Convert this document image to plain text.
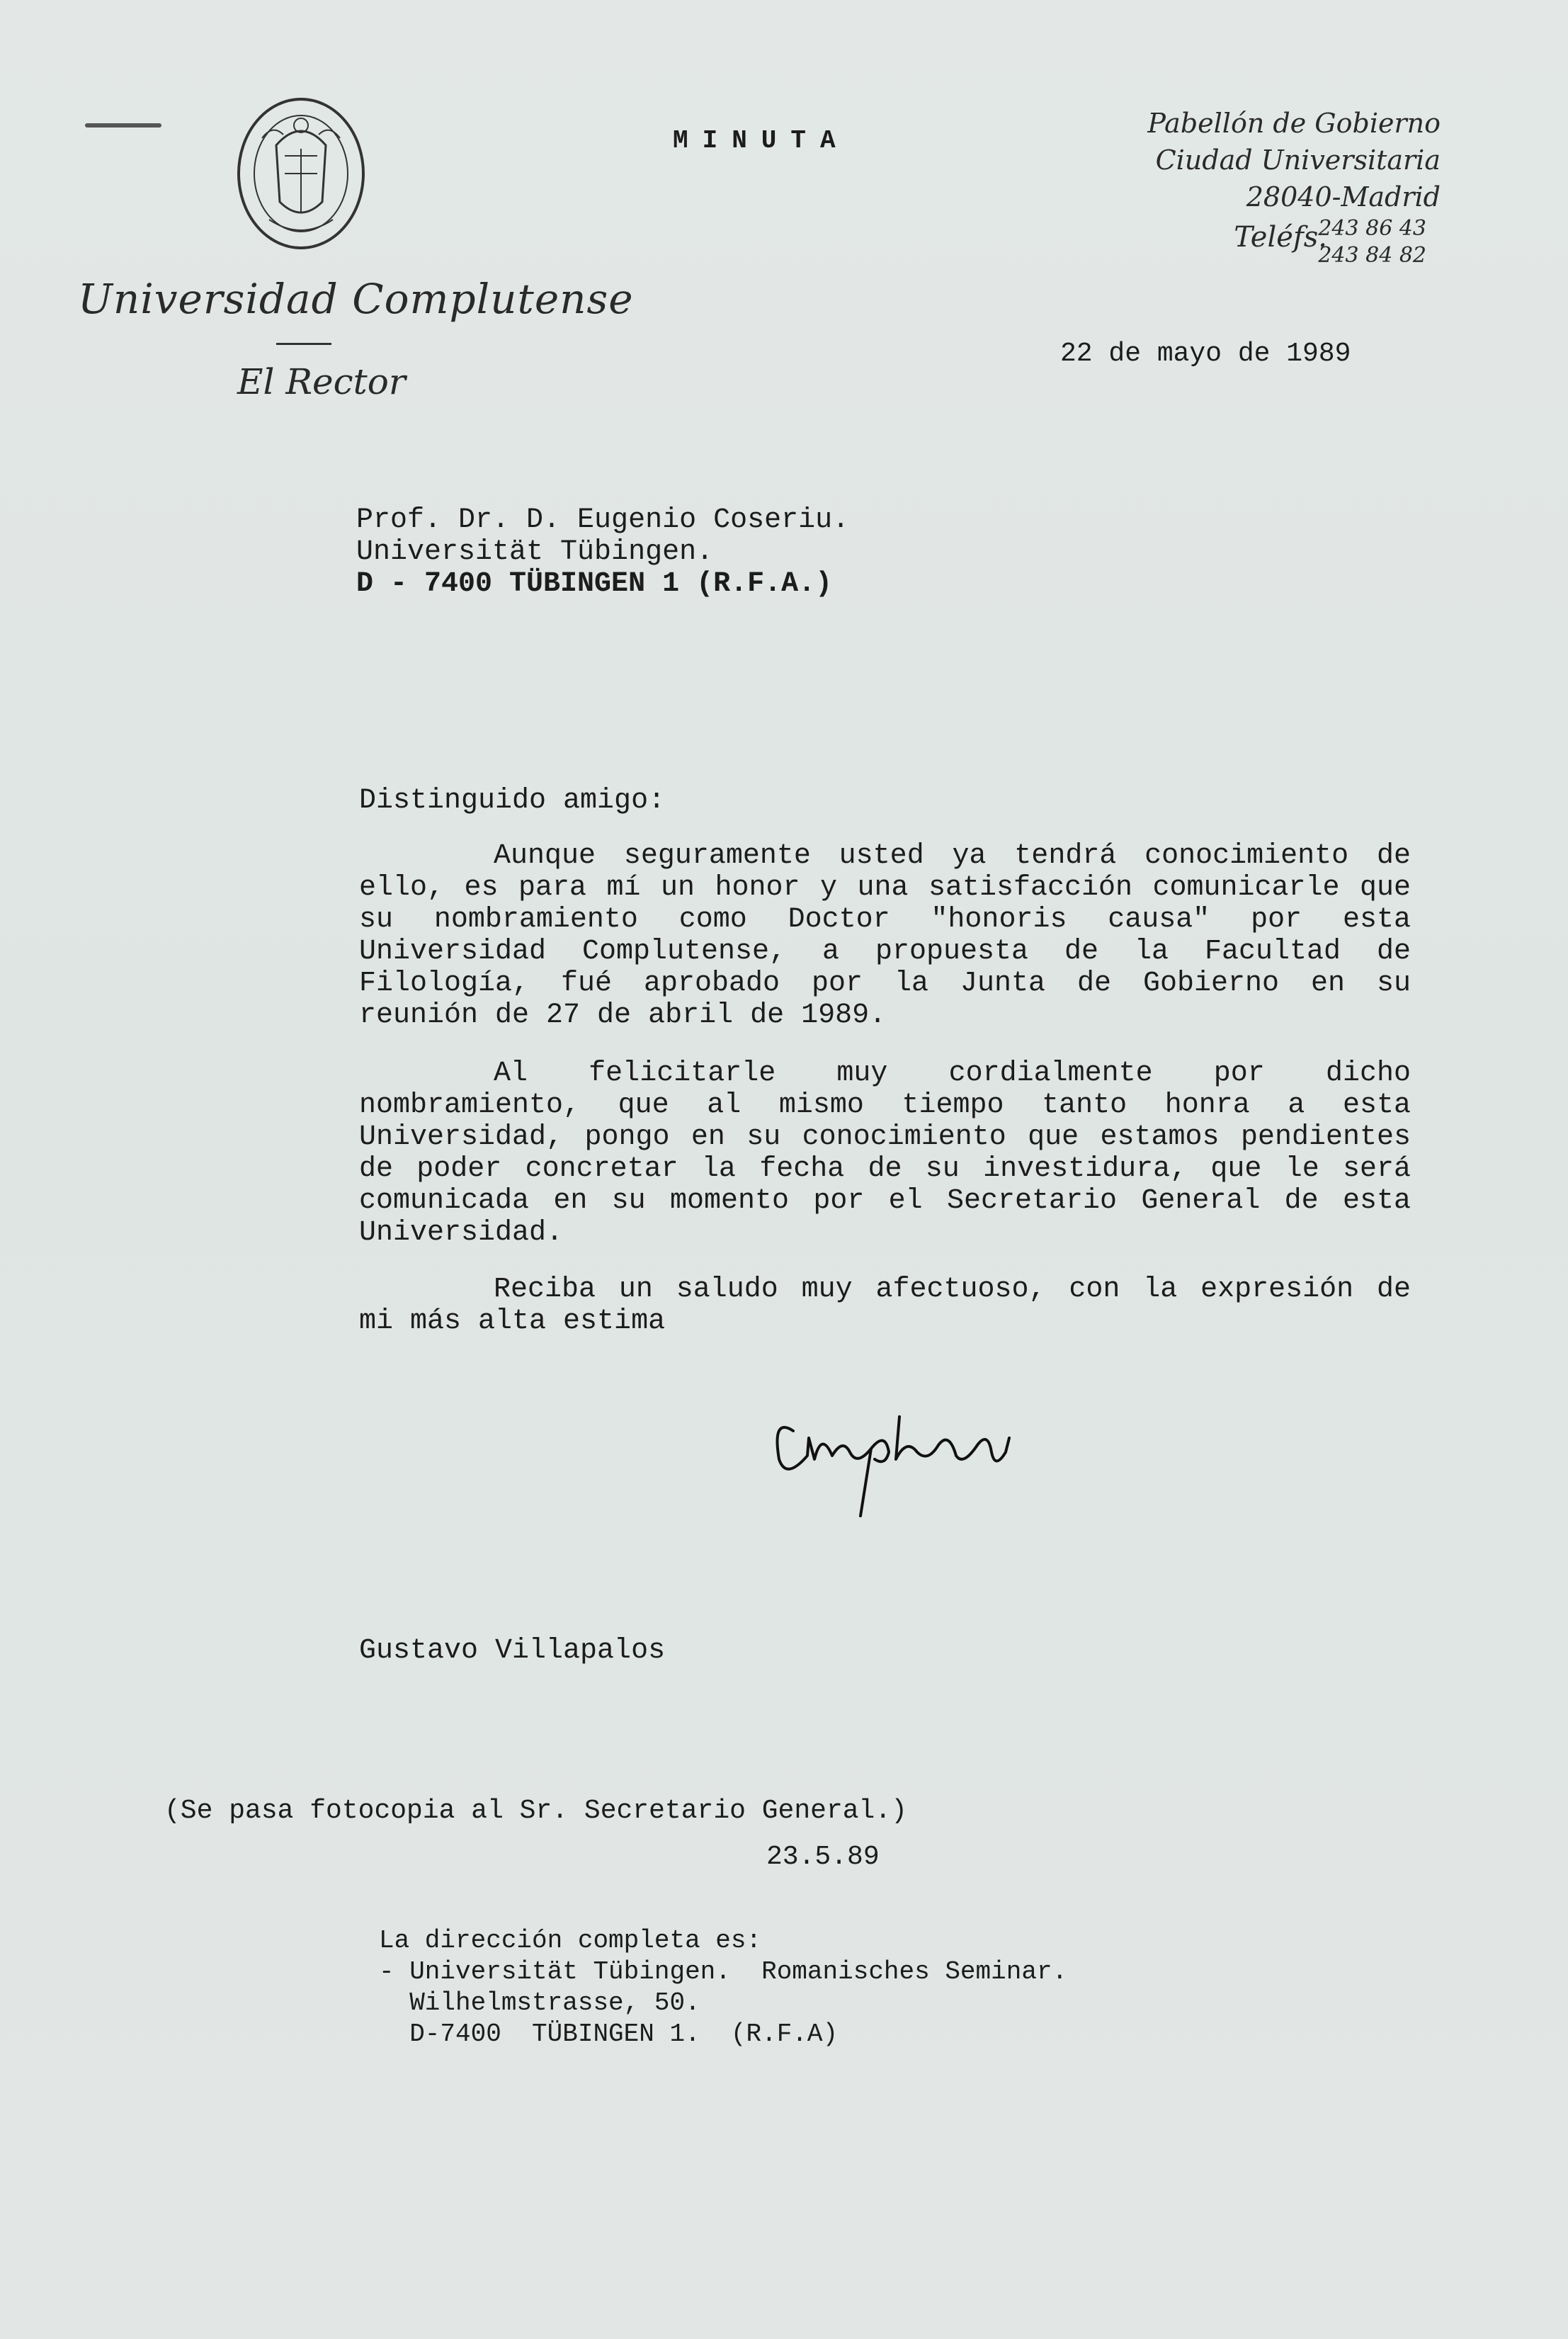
Universidad Complutense
El Rector
MINUTA
Pabellón de Gobierno
Ciudad Universitaria
28040-Madrid
Teléfs.
243 86 43
243 84 82
22 de mayo de 1989
Prof. Dr. D. Eugenio Coseriu.
Universität Tübingen.
D - 7400 TÜBINGEN 1 (R.F.A.)
Distinguido amigo:

Aunque seguramente usted ya tendrá conocimiento de ello, es para mí un honor y una satisfacción comunicarle que su nombramiento como Doctor "honoris causa" por esta Universidad Complutense, a propuesta de la Facultad de Filología, fué aprobado por la Junta de Gobierno en su reunión de 27 de abril de 1989.

Al felicitarle muy cordialmente por dicho nombramiento, que al mismo tiempo tanto honra a esta Universidad, pongo en su conocimiento que estamos pendientes de poder concretar la fecha de su investidura, que le será comunicada en su momento por el Secretario General de esta Universidad.

Reciba un saludo muy afectuoso, con la expresión de mi más alta estima

Gustavo Villapalos
(Se pasa fotocopia al Sr. Secretario General.)
23.5.89
La dirección completa es:
- Universität Tübingen.  Romanisches Seminar.
Wilhelmstrasse, 50.
D-7400  TÜBINGEN 1.  (R.F.A)
